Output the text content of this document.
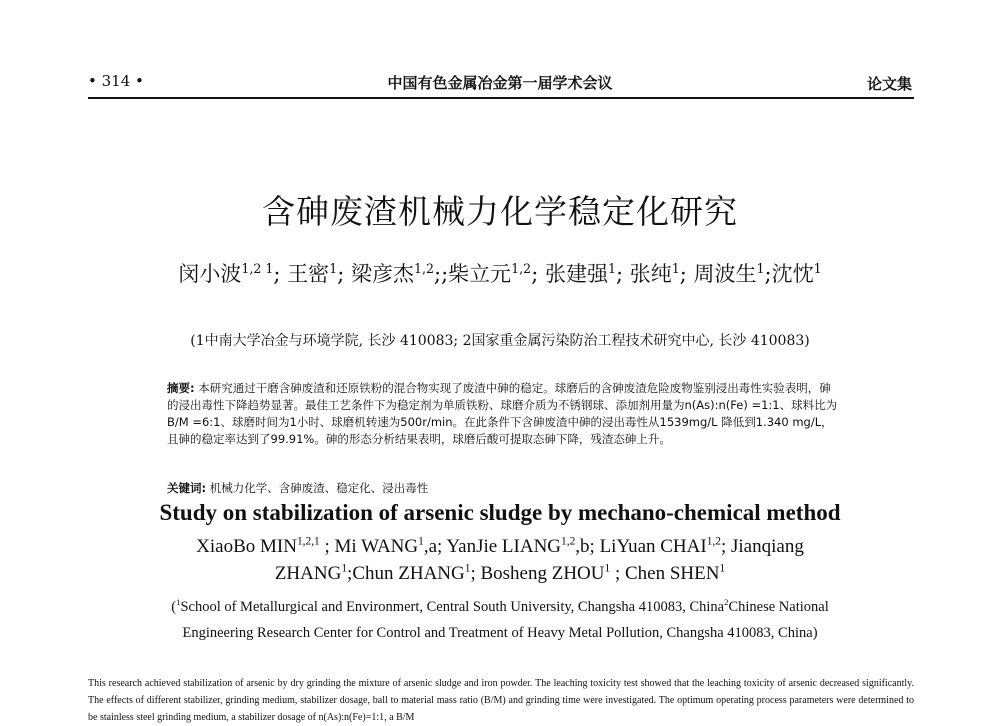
• 314 •	中国有色金属冶金第一届学术会议	论文集
含砷废渣机械力化学稳定化研究
闵小波$^{1,2 1}$; 王密$^1$; 梁彦杰$^{1,2}$;;柴立元$^{1,2}$; 张建强$^1$; 张纯$^1$; 周波生$^1$;沈忱$^1$
(1中南大学冶金与环境学院, 长沙 410083; 2国家重金属污染防治工程技术研究中心, 长沙 410083)
摘要: 本研究通过干磨含砷废渣和还原铁粉的混合物实现了废渣中砷的稳定。球磨后的含砷废渣危险废物鉴别浸出毒性实验表明，砷的浸出毒性下降趋势显著。最佳工艺条件下为稳定剂为单质铁粉、球磨介质为不锈钢球、添加剂用量为n(As):n(Fe) =1:1、球料比为B/M =6:1、球磨时间为1小时、球磨机转速为500r/min。在此条件下含砷废渣中砷的浸出毒性从1539mg/L 降低到1.340 mg/L，且砷的稳定率达到了99.91%。砷的形态分析结果表明，球磨后酸可提取态砷下降，残渣态砷上升。
关键词: 机械力化学、含砷废渣、稳定化、浸出毒性
Study on stabilization of arsenic sludge by mechano-chemical method
XiaoBo MIN$^{1,2,1}$ ; Mi WANG$^1$,a; YanJie LIANG$^{1,2}$,b; LiYuan CHAI$^{1,2}$; Jianqiang
ZHANG$^1$;Chun ZHANG$^1$; Bosheng ZHOU$^1$ ; Chen SHEN$^1$
($^1$School of Metallurgical and Environmert, Central South University, Changsha 410083, China$^2$Chinese National
Engineering Research Center for Control and Treatment of Heavy Metal Pollution, Changsha 410083, China)
This research achieved stabilization of arsenic by dry grinding the mixture of arsenic sludge and iron powder. The leaching toxicity test showed that the leaching toxicity of arsenic decreased significantly. The effects of different stabilizer, grinding medium, stabilizer dosage, ball to material mass ratio (B/M) and grinding time were investigated. The optimum operating process parameters were determined to be stainless steel grinding medium, a stabilizer dosage of n(As):n(Fe)=1:1, a B/M
